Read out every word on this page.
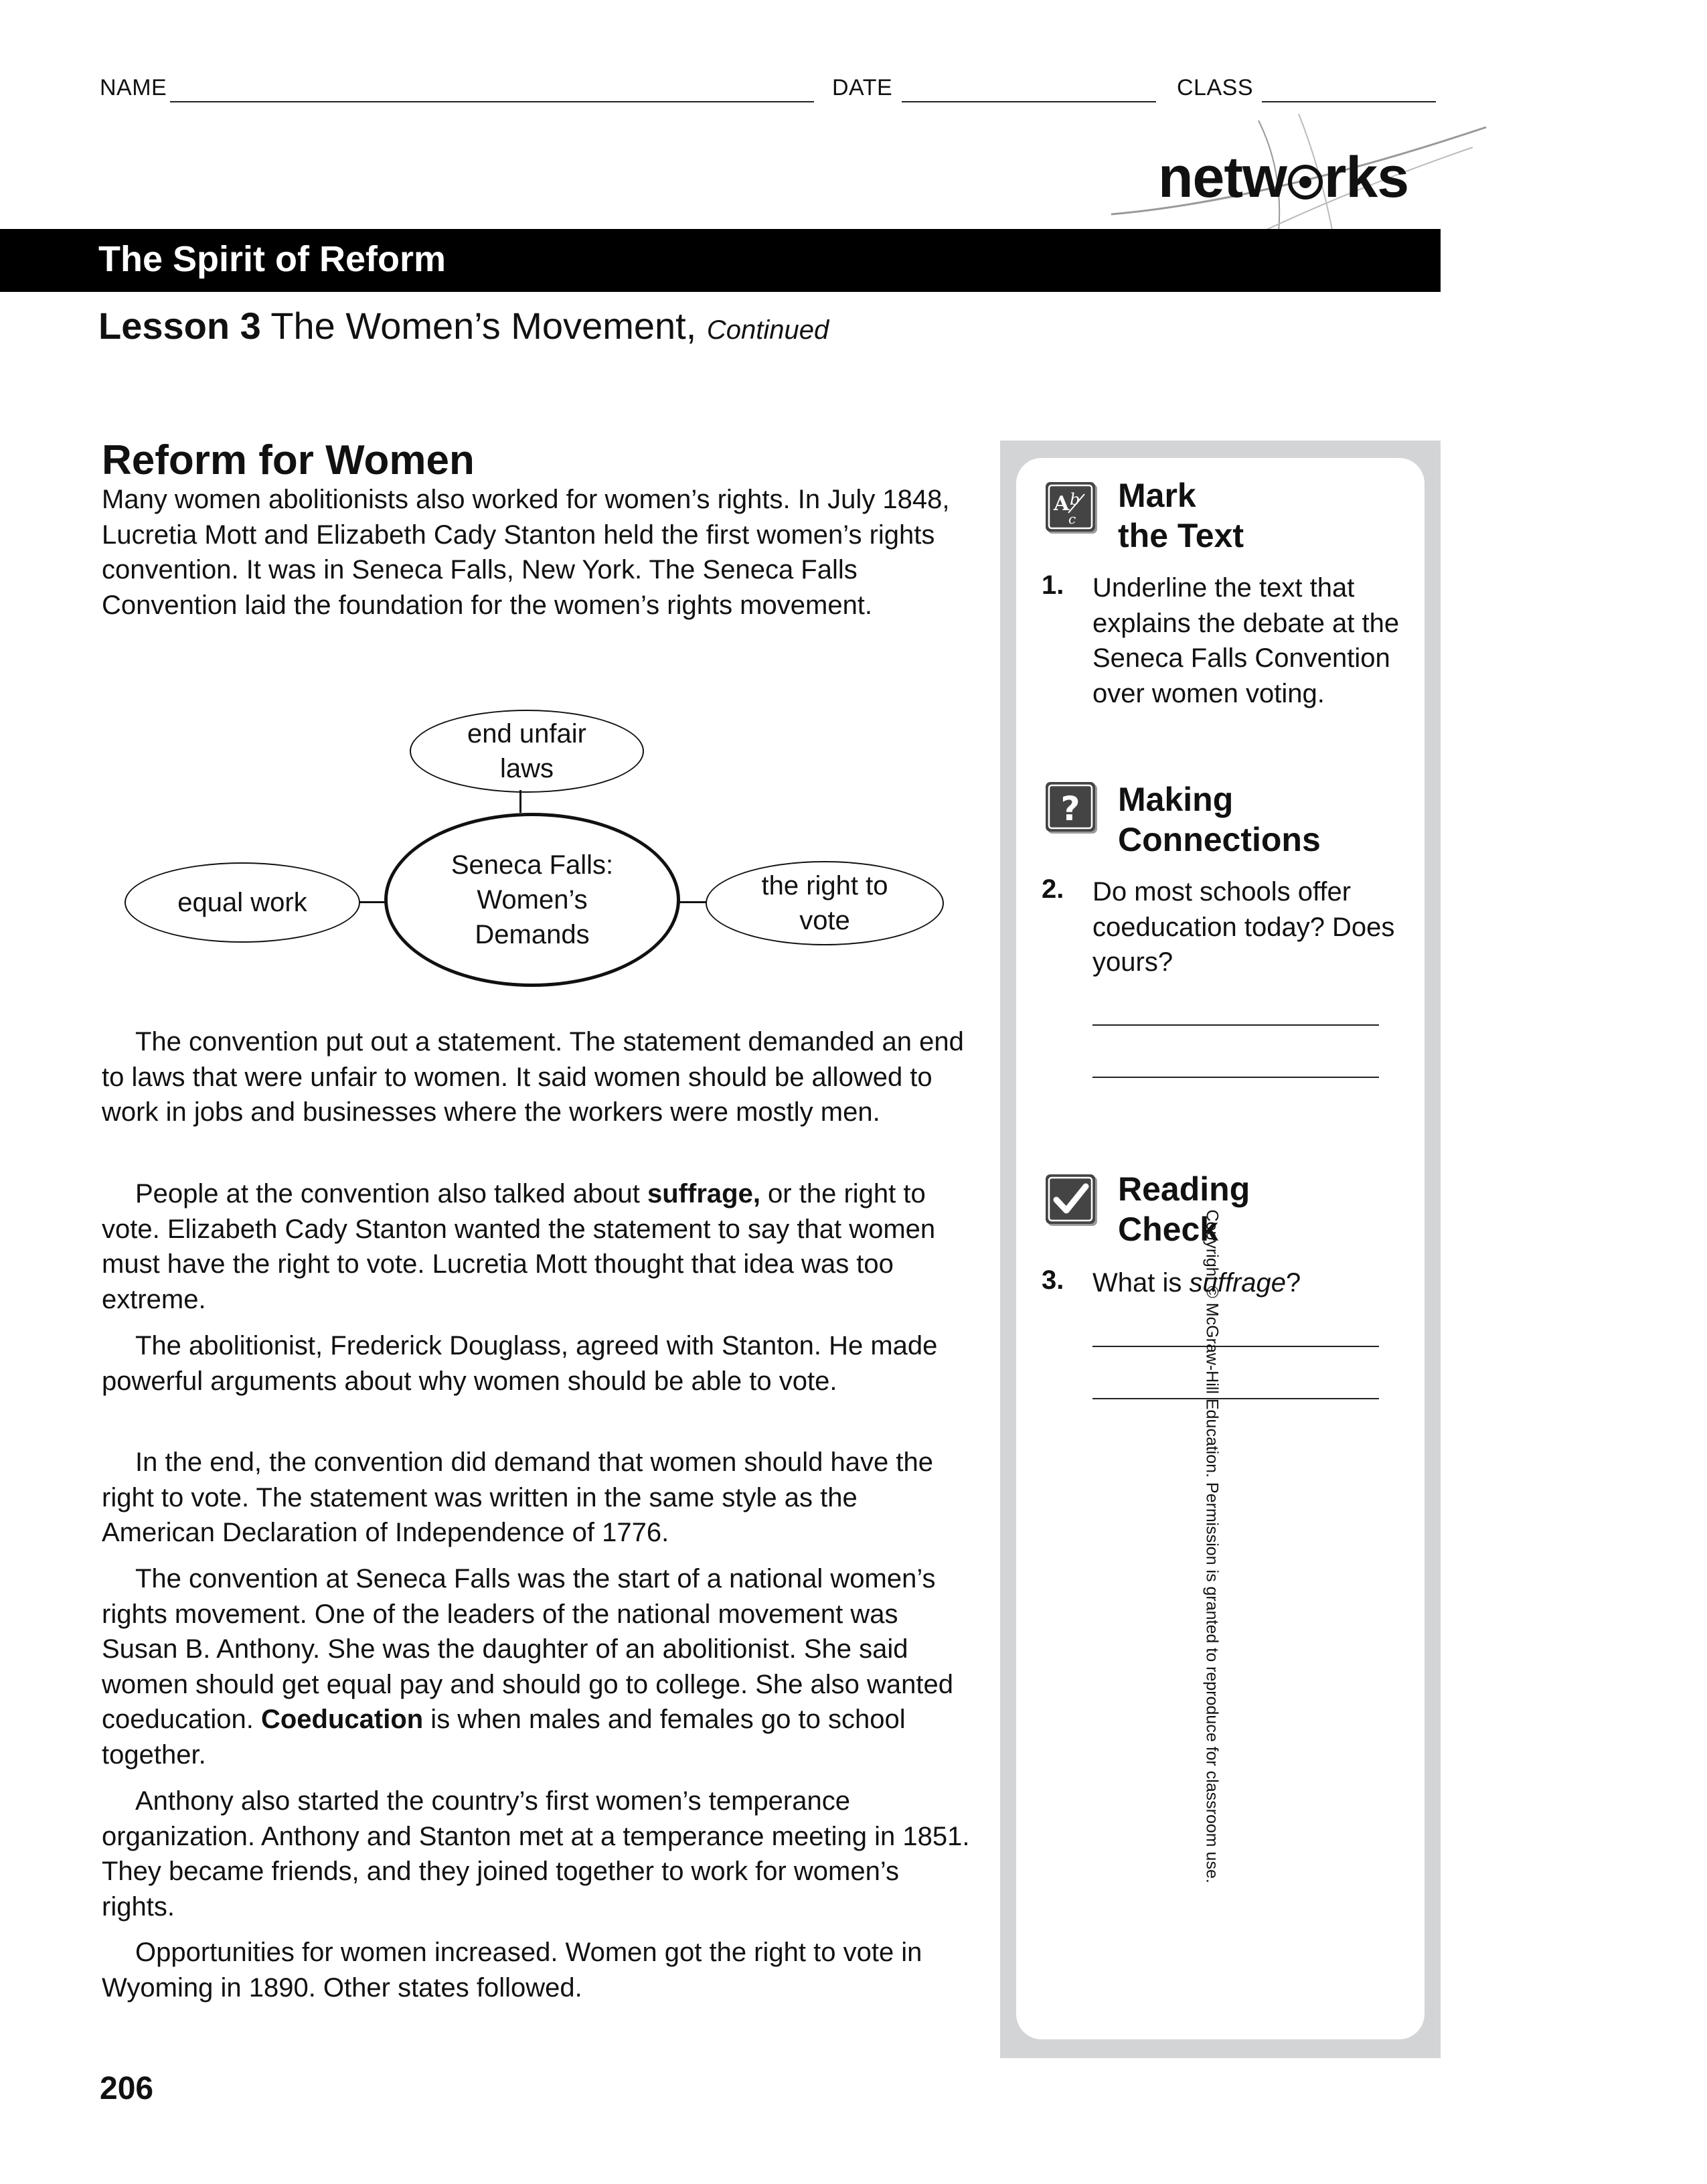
NAME	DATE	CLASS
netw rks
The Spirit of Reform
Lesson 3 The Women’s Movement, Continued
Reform for Women

Many women abolitionists also worked for women’s rights. In July 1848, Lucretia Mott and Elizabeth Cady Stanton held the first women’s rights convention. It was in Seneca Falls, New York. The Seneca Falls Convention laid the foundation for the women’s rights movement.

end unfair
laws
equal work
the right to
vote
Seneca Falls:
Women’s
Demands

The convention put out a statement. The statement demanded an end to laws that were unfair to women. It said women should be allowed to work in jobs and businesses where the workers were mostly men.

People at the convention also talked about suffrage, or the right to vote. Elizabeth Cady Stanton wanted the statement to say that women must have the right to vote. Lucretia Mott thought that idea was too extreme.

The abolitionist, Frederick Douglass, agreed with Stanton. He made powerful arguments about why women should be able to vote.

In the end, the convention did demand that women should have the right to vote. The statement was written in the same style as the American Declaration of Independence of 1776.

The convention at Seneca Falls was the start of a national women’s rights movement. One of the leaders of the national movement was Susan B. Anthony. She was the daughter of an abolitionist. She said women should get equal pay and should go to college. She also wanted coeducation. Coeducation is when males and females go to school together.

Anthony also started the country’s first women’s temperance organization. Anthony and Stanton met at a temperance meeting in 1851. They became friends, and they joined together to work for women’s rights.

Opportunities for women increased. Women got the right to vote in Wyoming in 1890. Other states followed.

A b
c
Mark
the Text
1. Underline the text that explains the debate at the Seneca Falls Convention over women voting.
? Making
Connections
2. Do most schools offer coeducation today? Does yours?
Reading
Check
3. What is suffrage?
Copyright © McGraw-Hill Education. Permission is granted to reproduce for classroom use.
206
